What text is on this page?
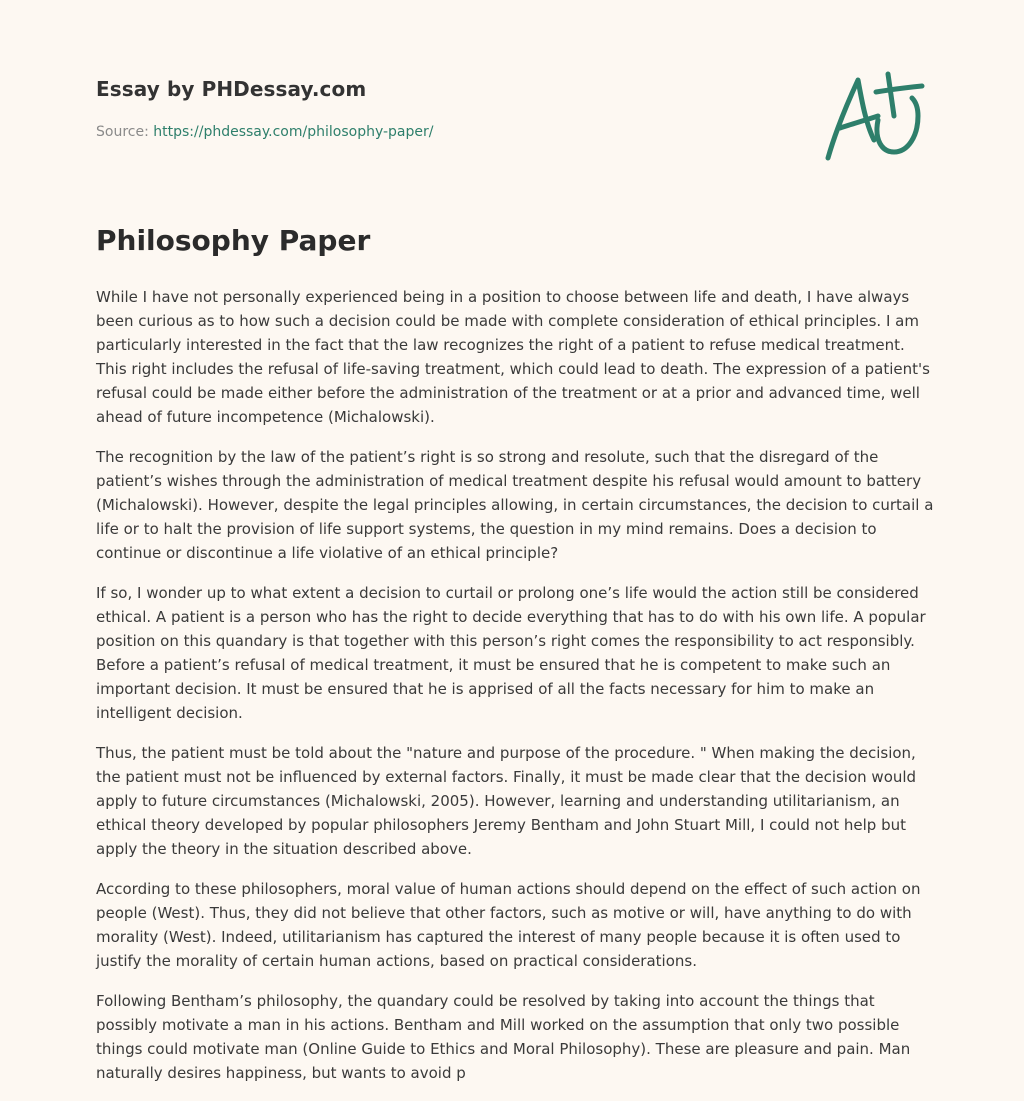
Essay by PHDessay.com

Source: https://phdessay.com/philosophy-paper/

Philosophy Paper

While I have not personally experienced being in a position to choose between life and death, I have always been curious as to how such a decision could be made with complete consideration of ethical principles. I am particularly interested in the fact that the law recognizes the right of a patient to refuse medical treatment. This right includes the refusal of life-saving treatment, which could lead to death. The expression of a patient's refusal could be made either before the administration of the treatment or at a prior and advanced time, well ahead of future incompetence (Michalowski).

The recognition by the law of the patient’s right is so strong and resolute, such that the disregard of the patient’s wishes through the administration of medical treatment despite his refusal would amount to battery (Michalowski). However, despite the legal principles allowing, in certain circumstances, the decision to curtail a life or to halt the provision of life support systems, the question in my mind remains. Does a decision to continue or discontinue a life violative of an ethical principle?

If so, I wonder up to what extent a decision to curtail or prolong one’s life would the action still be considered ethical. A patient is a person who has the right to decide everything that has to do with his own life. A popular position on this quandary is that together with this person’s right comes the responsibility to act responsibly. Before a patient’s refusal of medical treatment, it must be ensured that he is competent to make such an important decision. It must be ensured that he is apprised of all the facts necessary for him to make an intelligent decision.

Thus, the patient must be told about the "nature and purpose of the procedure. " When making the decision, the patient must not be influenced by external factors. Finally, it must be made clear that the decision would apply to future circumstances (Michalowski, 2005). However, learning and understanding utilitarianism, an ethical theory developed by popular philosophers Jeremy Bentham and John Stuart Mill, I could not help but apply the theory in the situation described above.

According to these philosophers, moral value of human actions should depend on the effect of such action on people (West). Thus, they did not believe that other factors, such as motive or will, have anything to do with morality (West). Indeed, utilitarianism has captured the interest of many people because it is often used to justify the morality of certain human actions, based on practical considerations.

Following Bentham’s philosophy, the quandary could be resolved by taking into account the things that possibly motivate a man in his actions. Bentham and Mill worked on the assumption that only two possible things could motivate man (Online Guide to Ethics and Moral Philosophy). These are pleasure and pain. Man naturally desires happiness, but wants to avoid p
